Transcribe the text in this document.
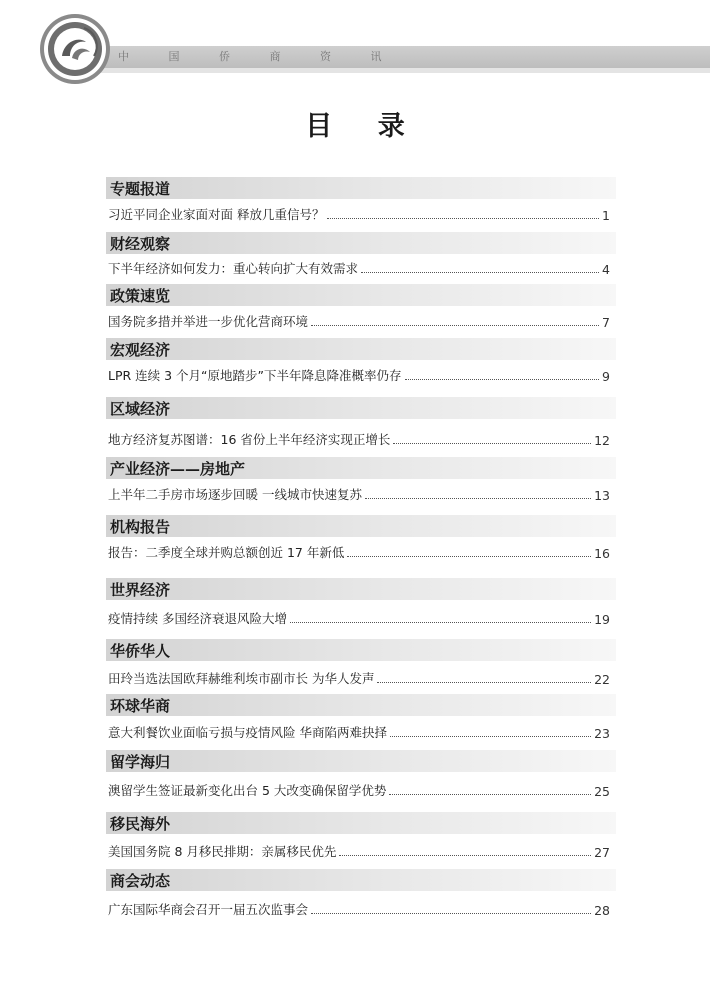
中 国 侨 商 资 讯
目 录
专题报道
习近平同企业家面对面 释放几重信号？	1
财经观察
下半年经济如何发力：重心转向扩大有效需求	4
政策速览
国务院多措并举进一步优化营商环境	7
宏观经济
LPR 连续 3 个月“原地踏步”下半年降息降准概率仍存	9
区域经济
地方经济复苏图谱：16 省份上半年经济实现正增长	12
产业经济——房地产
上半年二手房市场逐步回暖 一线城市快速复苏	13
机构报告
报告：二季度全球并购总额创近 17 年新低	16
世界经济
疫情持续 多国经济衰退风险大增	19
华侨华人
田玲当选法国欧拜赫维利埃市副市长 为华人发声	22
环球华商
意大利餐饮业面临亏损与疫情风险 华商陷两难抉择	23
留学海归
澳留学生签证最新变化出台 5 大改变确保留学优势	25
移民海外
美国国务院 8 月移民排期：亲属移民优先	27
商会动态
广东国际华商会召开一届五次监事会	28
